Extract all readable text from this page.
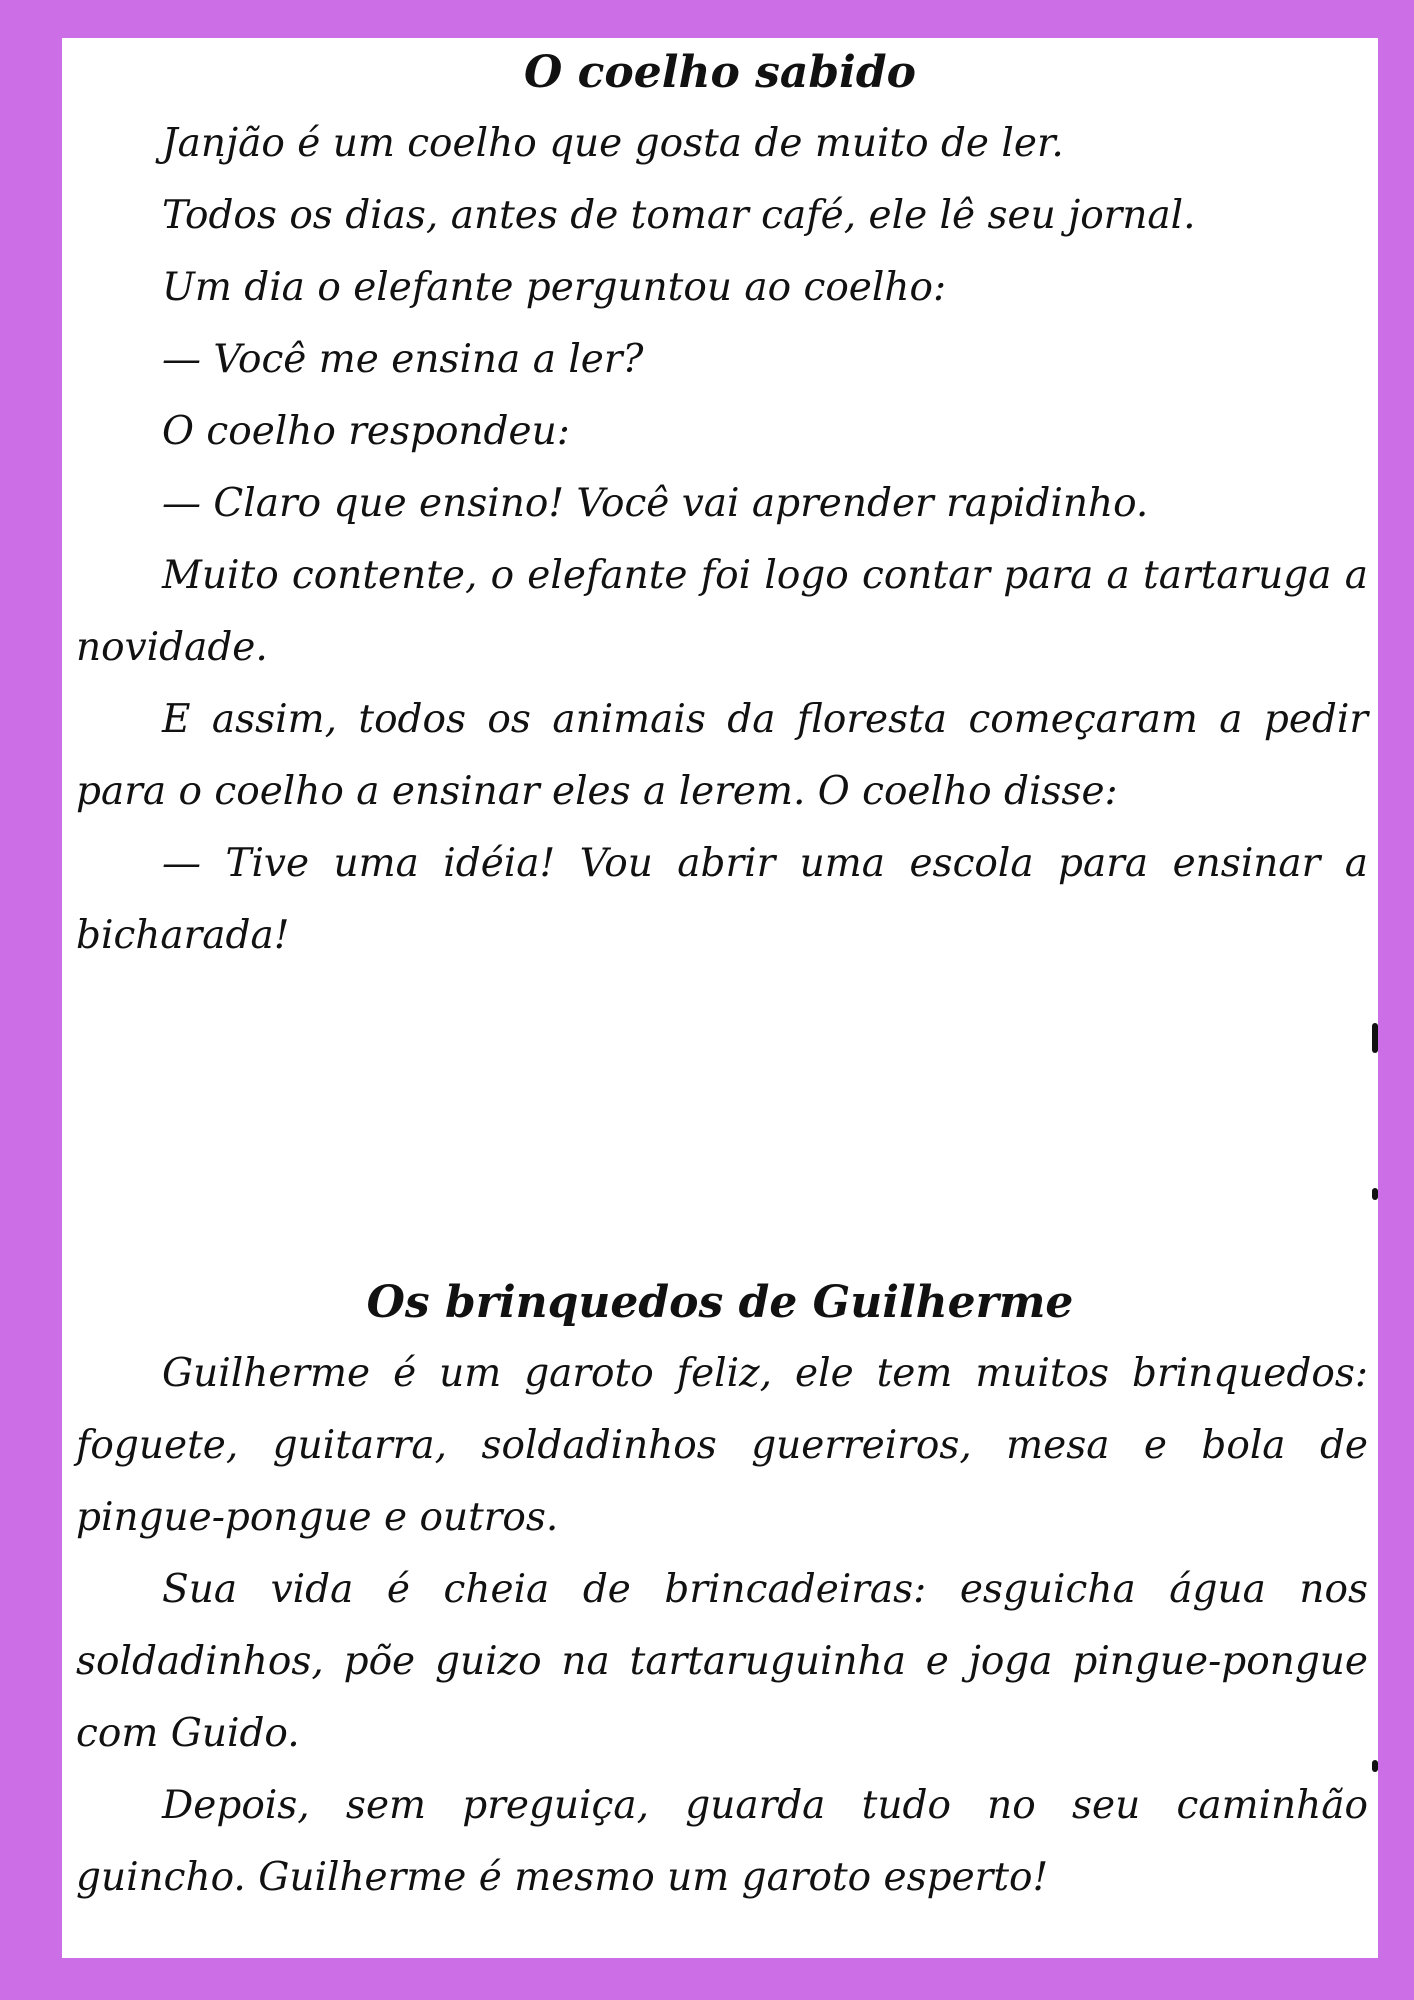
O coelho sabido

Janjão é um coelho que gosta de muito de ler.

Todos os dias, antes de tomar café, ele lê seu jornal.

Um dia o elefante perguntou ao coelho:

— Você me ensina a ler?

O coelho respondeu:

— Claro que ensino! Você vai aprender rapidinho.

Muito contente, o elefante foi logo contar para a tartaruga a novidade.

E assim, todos os animais da floresta começaram a pedir para o coelho a ensinar eles a lerem. O coelho disse:

— Tive uma idéia! Vou abrir uma escola para ensinar a bicharada!

Os brinquedos de Guilherme

Guilherme é um garoto feliz, ele tem muitos brinquedos: foguete, guitarra, soldadinhos guerreiros, mesa e bola de pingue-pongue e outros.

Sua vida é cheia de brincadeiras: esguicha água nos soldadinhos, põe guizo na tartaruguinha e joga pingue-pongue com Guido.

Depois, sem preguiça, guarda tudo no seu caminhão guincho. Guilherme é mesmo um garoto esperto!
